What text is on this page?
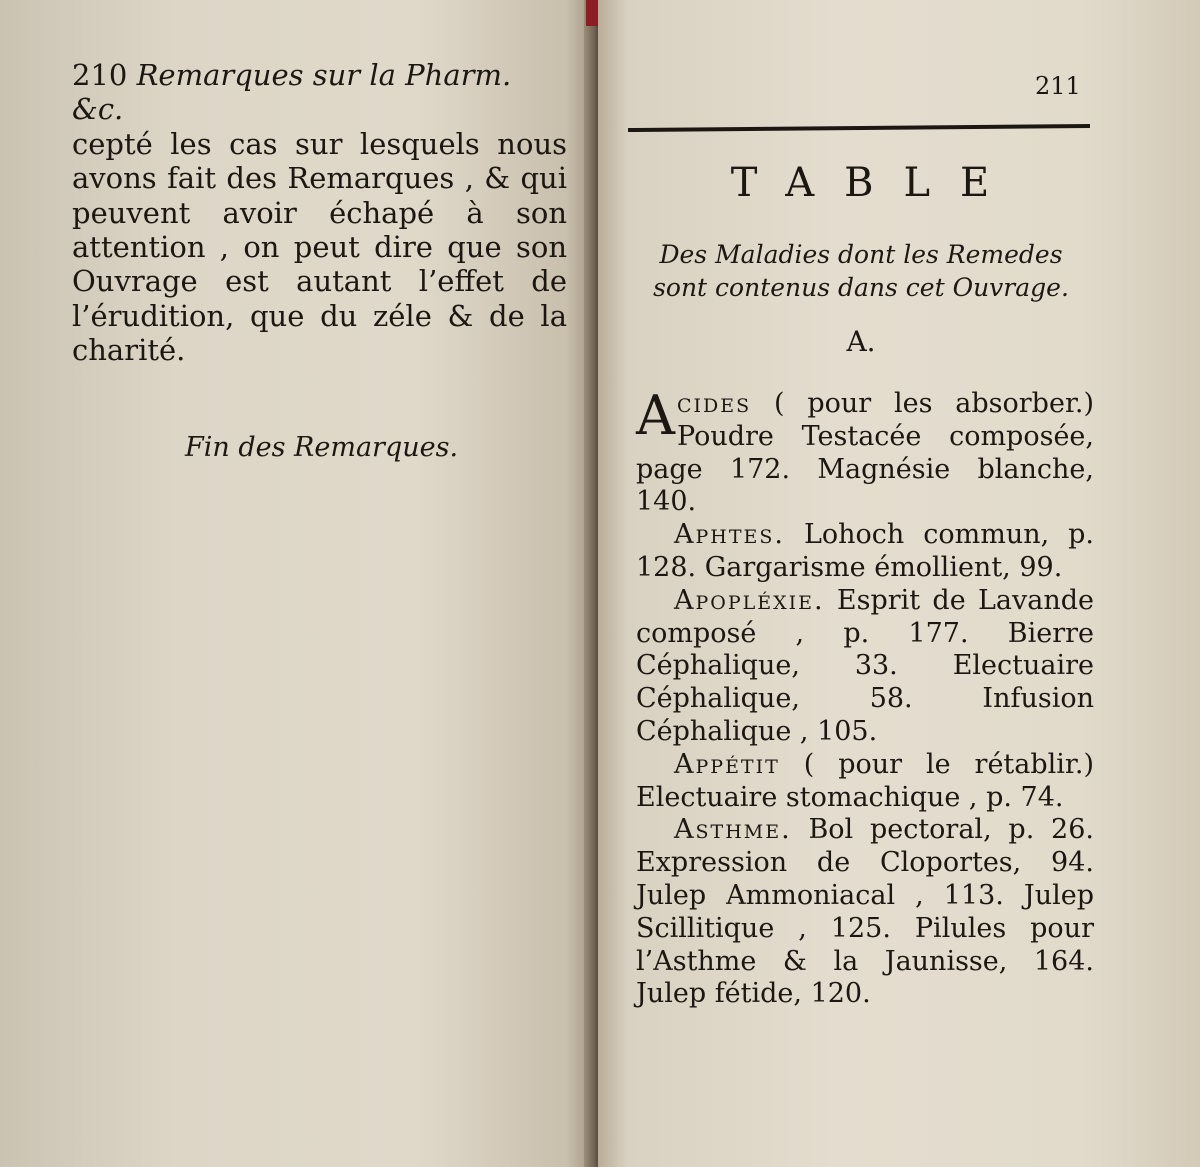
210 Remarques sur la Pharm. &c.

cepté les cas sur lesquels nous avons fait des Remarques , & qui peuvent avoir échapé à son attention , on peut dire que son Ouvrage est autant l’effet de l’érudition, que du zéle & de la charité.

Fin des Remarques.
211
TABLE
Des Maladies dont les Remedes
sont contenus dans cet Ouvrage.
A.

Acides ( pour les absorber.) Poudre Testacée composée, page 172. Magnésie blanche, 140.

Aphtes. Lohoch commun, p. 128. Gargarisme émollient, 99.

Apopléxie. Esprit de Lavande composé , p. 177. Bierre Céphalique, 33. Electuaire Céphalique, 58. Infusion Céphalique , 105.

Appétit ( pour le rétablir.) Electuaire stomachique , p. 74.

Asthme. Bol pectoral, p. 26. Expression de Cloportes, 94. Julep Ammoniacal , 113. Julep Scillitique , 125. Pilules pour l’Asthme & la Jaunisse, 164. Julep fétide, 120.
